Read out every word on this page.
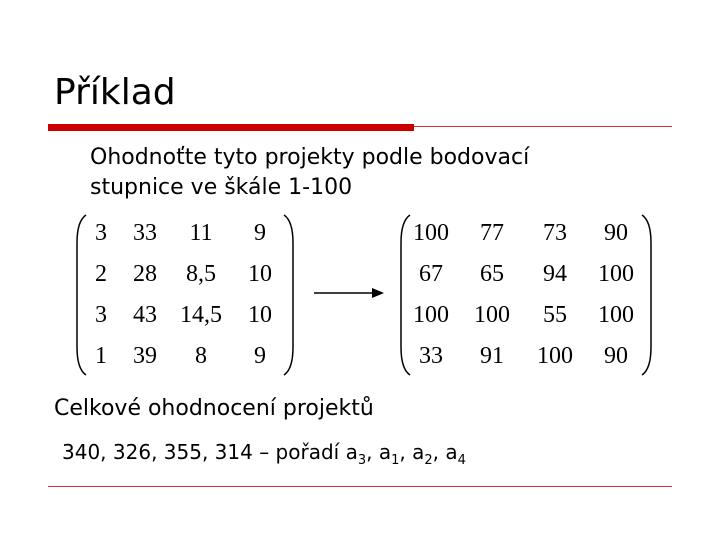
Příklad
Ohodnoťte tyto projekty podle bodovací
stupnice ve škále 1-100
3	33	11	9
2	28	8,5	10
3	43	14,5	10
1	39	8	9
100	77	73	90
67	65	94	100
100	100	55	100
33	91	100	90
Celkové ohodnocení projektů
340, 326, 355, 314 – pořadí $a_3$, $a_1$, $a_2$, $a_4$
